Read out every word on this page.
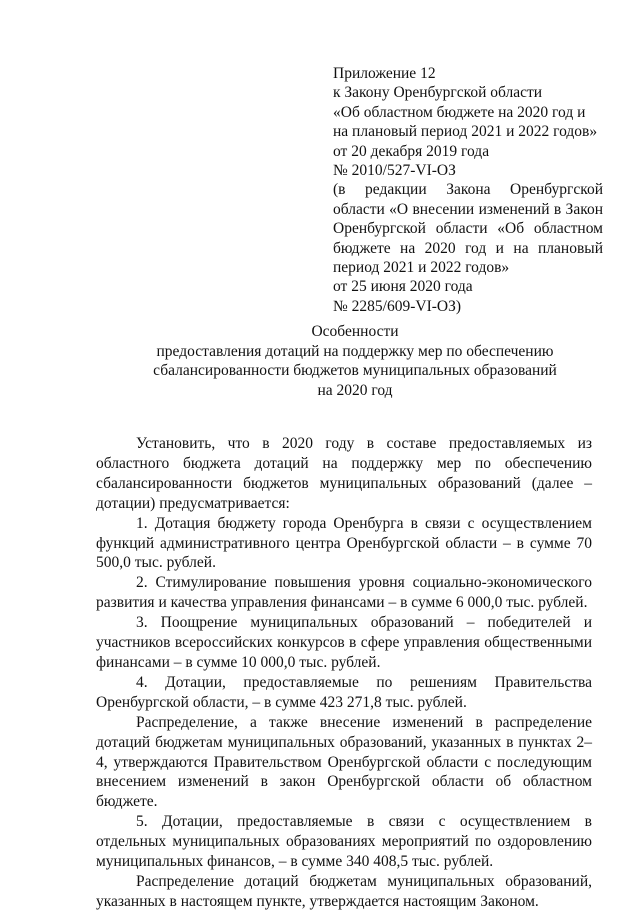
Приложение 12
к Закону Оренбургской области
«Об областном бюджете на 2020 год и
на плановый период 2021 и 2022 годов»
от 20 декабря 2019 года
№ 2010/527-VI-ОЗ
(в редакции Закона Оренбургской области «О внесении изменений в Закон Оренбургской области «Об областном бюджете на 2020 год и на плановый период 2021 и 2022 годов»
от 25 июня 2020 года
№ 2285/609-VI-ОЗ)
Особенности
предоставления дотаций на поддержку мер по обеспечению сбалансированности бюджетов муниципальных образований
на 2020 год

Установить, что в 2020 году в составе предоставляемых из областного бюджета дотаций на поддержку мер по обеспечению сбалансированности бюджетов муниципальных образований (далее – дотации) предусматривается:

1. Дотация бюджету города Оренбурга в связи с осуществлением функций административного центра Оренбургской области – в сумме 70 500,0 тыс. рублей.

2. Стимулирование повышения уровня социально-экономического развития и качества управления финансами – в сумме 6 000,0 тыс. рублей.

3. Поощрение муниципальных образований – победителей и участников всероссийских конкурсов в сфере управления общественными финансами – в сумме 10 000,0 тыс. рублей.

4. Дотации, предоставляемые по решениям Правительства Оренбургской области, – в сумме 423 271,8 тыс. рублей.

Распределение, а также внесение изменений в распределение дотаций бюджетам муниципальных образований, указанных в пунктах 2–4, утверждаются Правительством Оренбургской области с последующим внесением изменений в закон Оренбургской области об областном бюджете.

5. Дотации, предоставляемые в связи с осуществлением в отдельных муниципальных образованиях мероприятий по оздоровлению муниципальных финансов, – в сумме 340 408,5 тыс. рублей.

Распределение дотаций бюджетам муниципальных образований, указанных в настоящем пункте, утверждается настоящим Законом.
